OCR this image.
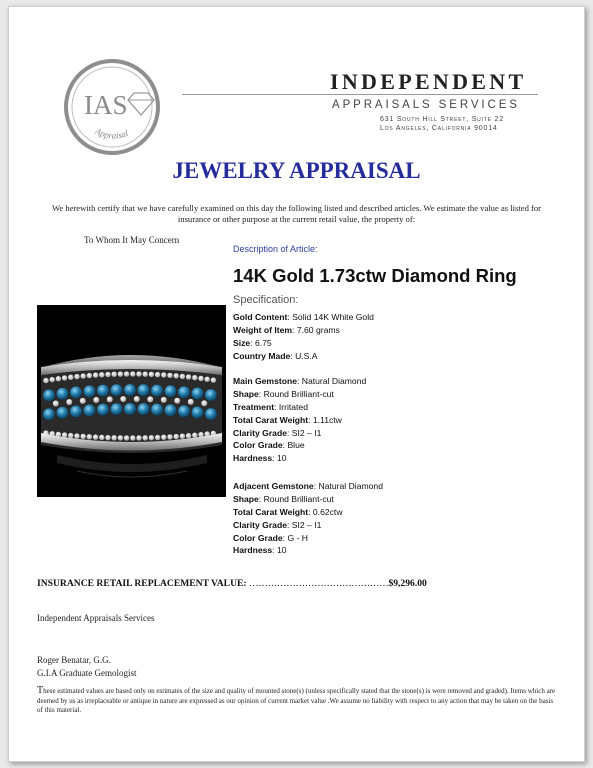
IAS
Appraisal
INDEPENDENT
APPRAISALS SERVICES
631 South Hill Street, Suite 22
Los Angeles, California 90014
JEWELRY APPRAISAL
We herewith certify that we have carefully examined on this day the following listed and described articles. We estimate the value as listed for insurance or other purpose at the current retail value, the property of:
To Whom It May Concern
Description of Article:
14K Gold 1.73ctw Diamond Ring
Specification:
Gold Content: Solid 14K White Gold
Weight of Item: 7.60 grams
Size: 6.75
Country Made: U.S.A
Main Gemstone: Natural Diamond
Shape: Round Brilliant-cut
Treatment: Irritated
Total Carat Weight: 1.11ctw
Clarity Grade: SI2 – I1
Color Grade: Blue
Hardness: 10
Adjacent Gemstone: Natural Diamond
Shape: Round Brilliant-cut
Total Carat Weight: 0.62ctw
Clarity Grade: SI2 – I1
Color Grade: G - H
Hardness: 10
INSURANCE RETAIL REPLACEMENT VALUE: ………………………………………$9,296.00
Independent Appraisals Services
Roger Benatar, G.G.
G.I.A Graduate Gemologist
These estimated values are based only on estimates of the size and quality of mounted stone(s) (unless specifically stated that the stone(s) is were removed and graded). Items which are deemed by us as irreplaceable or antique in nature are expressed as our opinion of current market value .We assume no liability with respect to any action that may be taken on the basis of this material.
